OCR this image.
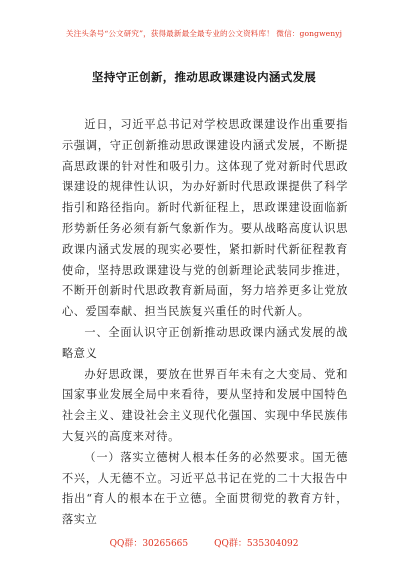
关注头条号“公文研究”，获得最新最全最专业的公文资料库！ 微信：gongwenyj
坚持守正创新，推动思政课建设内涵式发展

近日，习近平总书记对学校思政课建设作出重要指示强调，守正创新推动思政课建设内涵式发展，不断提高思政课的针对性和吸引力。这体现了党对新时代思政课建设的规律性认识，为办好新时代思政课提供了科学指引和路径指向。新时代新征程上，思政课建设面临新形势新任务必须有新气象新作为。要从战略高度认识思政课内涵式发展的现实必要性，紧扣新时代新征程教育使命，坚持思政课建设与党的创新理论武装同步推进，不断开创新时代思政教育新局面，努力培养更多让党放心、爱国奉献、担当民族复兴重任的时代新人。

一、全面认识守正创新推动思政课内涵式发展的战略意义

办好思政课，要放在世界百年未有之大变局、党和国家事业发展全局中来看待，要从坚持和发展中国特色社会主义、建设社会主义现代化强国、实现中华民族伟大复兴的高度来对待。

（一）落实立德树人根本任务的必然要求。国无德不兴，人无德不立。习近平总书记在党的二十大报告中指出“育人的根本在于立德。全面贯彻党的教育方针，落实立

QQ群：30265665	QQ群：535304092
